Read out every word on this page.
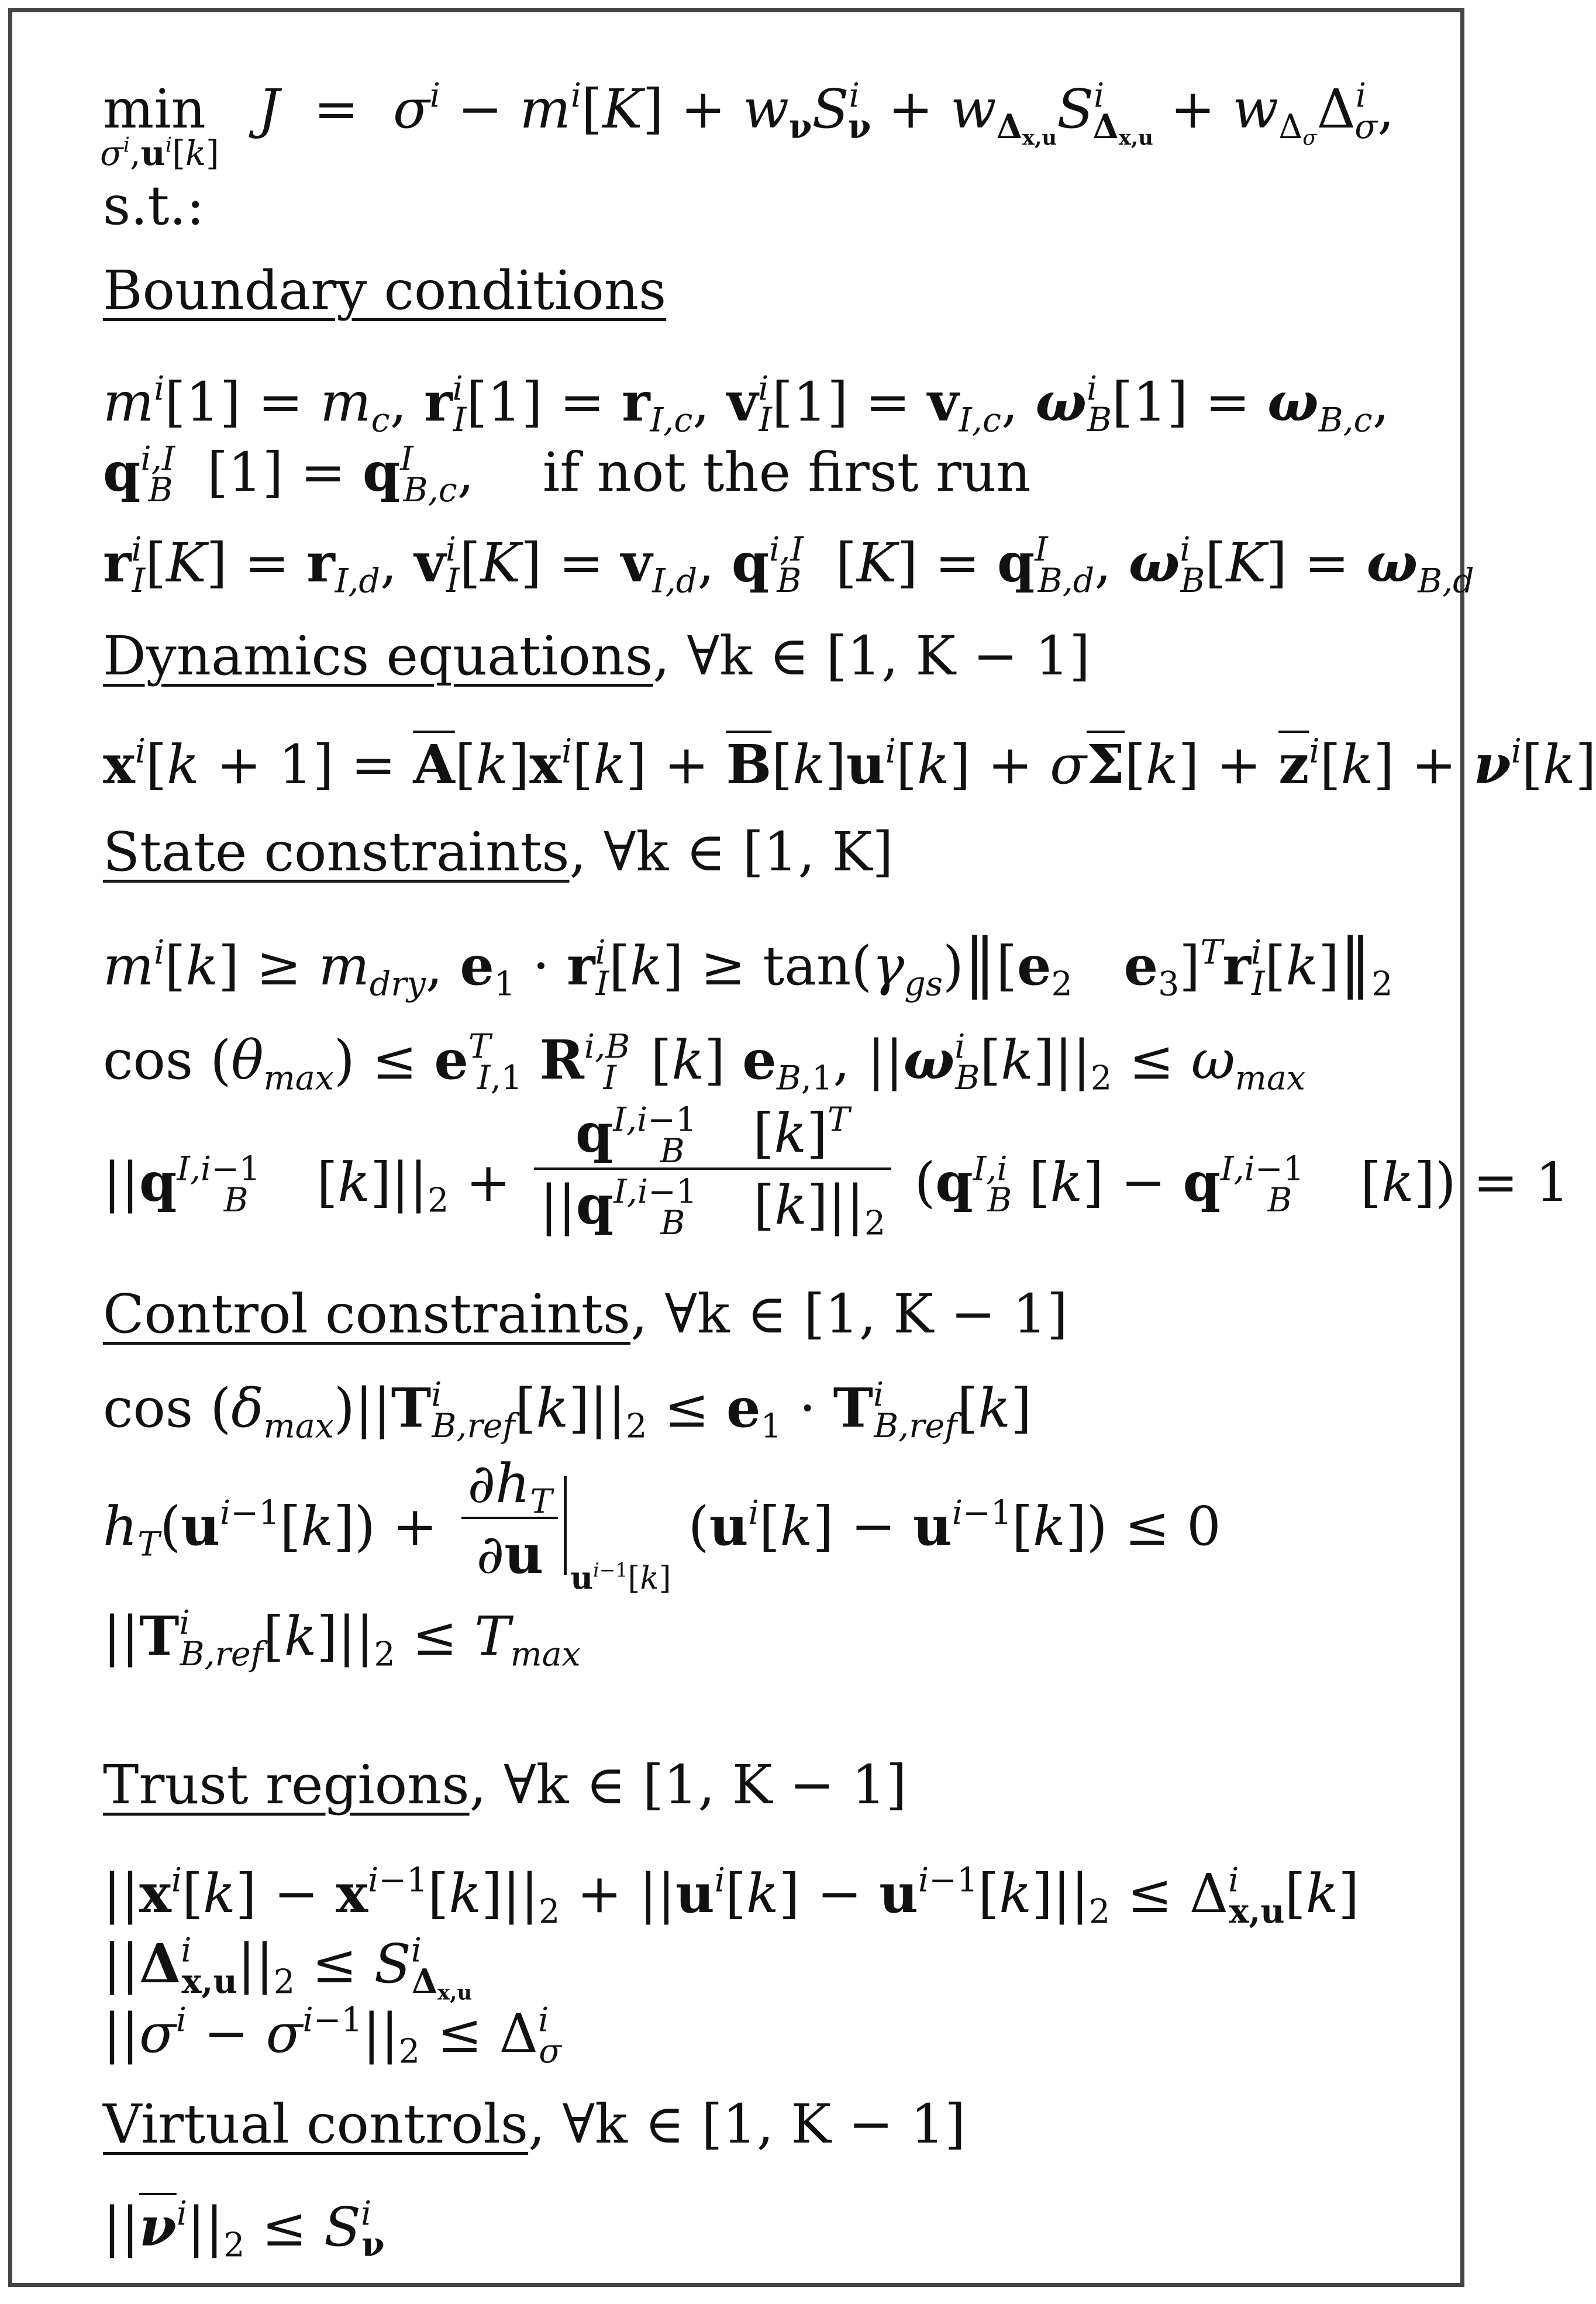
min
$\sigma^i,u^i[k]$
$J = \sigma^i - m^i[K] + w_\nu S^i_\nu + w_{\Delta_{x,u}}S^i_{\Delta_{x,u}} + w_{\Delta_\sigma}\Delta^i_\sigma$,
s.t.:
Boundary conditions
$m^i[1] = m_c$, $r^i_I[1] = r_{I,c}$, $v^i_I[1] = v_{I,c}$, $\omega^i_B[1] = \omega_{B,c}$,
$q^{i,I}_B$  $[1] = q^I_{B,c}$,    if not the first run
$r^i_I[K] = r_{I,d}$, $v^i_I[K] = v_{I,d}$, $q^{i,I}_B$  $[K] = q^I_{B,d}$, $\omega^i_B[K] = \omega_{B,d}$
Dynamics equations, ∀k ∈ [1, K − 1]
$x^i[k + 1] = \overline{A}[k]x^i[k] + \overline{B}[k]u^i[k] + \sigma\overline{\Sigma}[k] + \overline{z}^i[k] + \nu^i[k]$
State constraints, ∀k ∈ [1, K]
$m^i[k] \ge m_{dry}$, $e_1 \cdot r^i_I[k]$ ≥ $\tan(\gamma_{gs})‖[e_2$ $e_3]^Tr^i_I[k]‖_2$
$\cos (\theta_{max}) \le e^T_{I,1}$ $R^{i,B}_I$  [k] $e_{B,1}$, $||\omega^i_B[k]||_2 \le \omega_{max}$
$||q^{I,i-1}_B$    $[k]||_2 + \frac{q^{I,i-1}_B [k]^T}{||q^{I,i-1}_B [k]||_2} (q^{I,i}_B$ $[k] - q^{I,i-1}_B$    [k]) = 1
Control constraints, ∀k ∈ [1, K − 1]
$\cos (\delta_{max})||T^i_{B,ref}[k]||_2 \le e_1 \cdot T^i_{B,ref}[k]$
$h_T(u^{i-1}[k]) + \frac{\partial h_T}{\partial u} _{u^{i-1}[k]}$ $(u^i[k] - u^{i-1}[k]) \le 0$
$||T^i_{B,ref}[k]||_2 \le T_{max}$
Trust regions, ∀k ∈ [1, K − 1]
$||x^i[k] - x^{i-1}[k]||_2 + ||u^i[k] - u^{i-1}[k]||_2 \le \Delta^i_{x,u}[k]$
$||\Delta^i_{x,u}||_2 \le S^i_{\Delta_{x,u}}$
$||\sigma^i - \sigma^{i-1}||_2 \le \Delta^i_\sigma$
Virtual controls, ∀k ∈ [1, K − 1]
$||\overline{\nu}^i||_2 \le S^i_\nu$
